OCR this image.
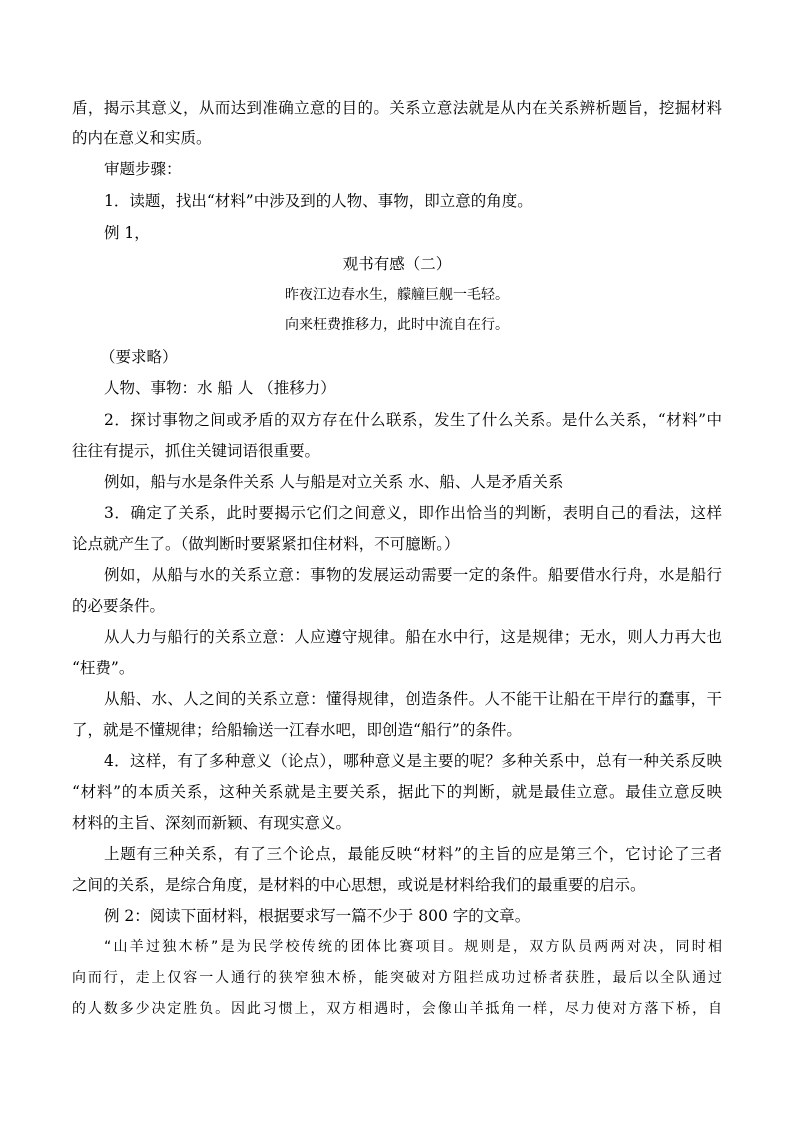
盾，揭示其意义，从而达到准确立意的目的。关系立意法就是从内在关系辨析题旨，挖掘材料
的内在意义和实质。
审题步骤：
1．读题，找出“材料”中涉及到的人物、事物，即立意的角度。
例 1，
观书有感（二）
昨夜江边春水生，艨艟巨舰一毛轻。
向来枉费推移力，此时中流自在行。
（要求略）
人物、事物：水 船 人 （推移力）
2．探讨事物之间或矛盾的双方存在什么联系，发生了什么关系。是什么关系，“材料”中
往往有提示，抓住关键词语很重要。
例如，船与水是条件关系 人与船是对立关系 水、船、人是矛盾关系
3．确定了关系，此时要揭示它们之间意义，即作出恰当的判断，表明自己的看法，这样
论点就产生了。（做判断时要紧紧扣住材料，不可臆断。）
例如，从船与水的关系立意：事物的发展运动需要一定的条件。船要借水行舟，水是船行
的必要条件。
从人力与船行的关系立意：人应遵守规律。船在水中行，这是规律；无水，则人力再大也
“枉费”。
从船、水、人之间的关系立意：懂得规律，创造条件。人不能干让船在干岸行的蠢事，干
了，就是不懂规律；给船输送一江春水吧，即创造“船行”的条件。
4．这样，有了多种意义（论点），哪种意义是主要的呢？多种关系中，总有一种关系反映
“材料”的本质关系，这种关系就是主要关系，据此下的判断，就是最佳立意。最佳立意反映
材料的主旨、深刻而新颖、有现实意义。
上题有三种关系，有了三个论点，最能反映“材料”的主旨的应是第三个，它讨论了三者
之间的关系，是综合角度，是材料的中心思想，或说是材料给我们的最重要的启示。
例 2：阅读下面材料，根据要求写一篇不少于 800 字的文章。
“山羊过独木桥”是为民学校传统的团体比赛项目。规则是，双方队员两两对决，同时相
向而行，走上仅容一人通行的狭窄独木桥，能突破对方阻拦成功过桥者获胜，最后以全队通过
的人数多少决定胜负。因此习惯上，双方相遇时，会像山羊抵角一样，尽力使对方落下桥，自
